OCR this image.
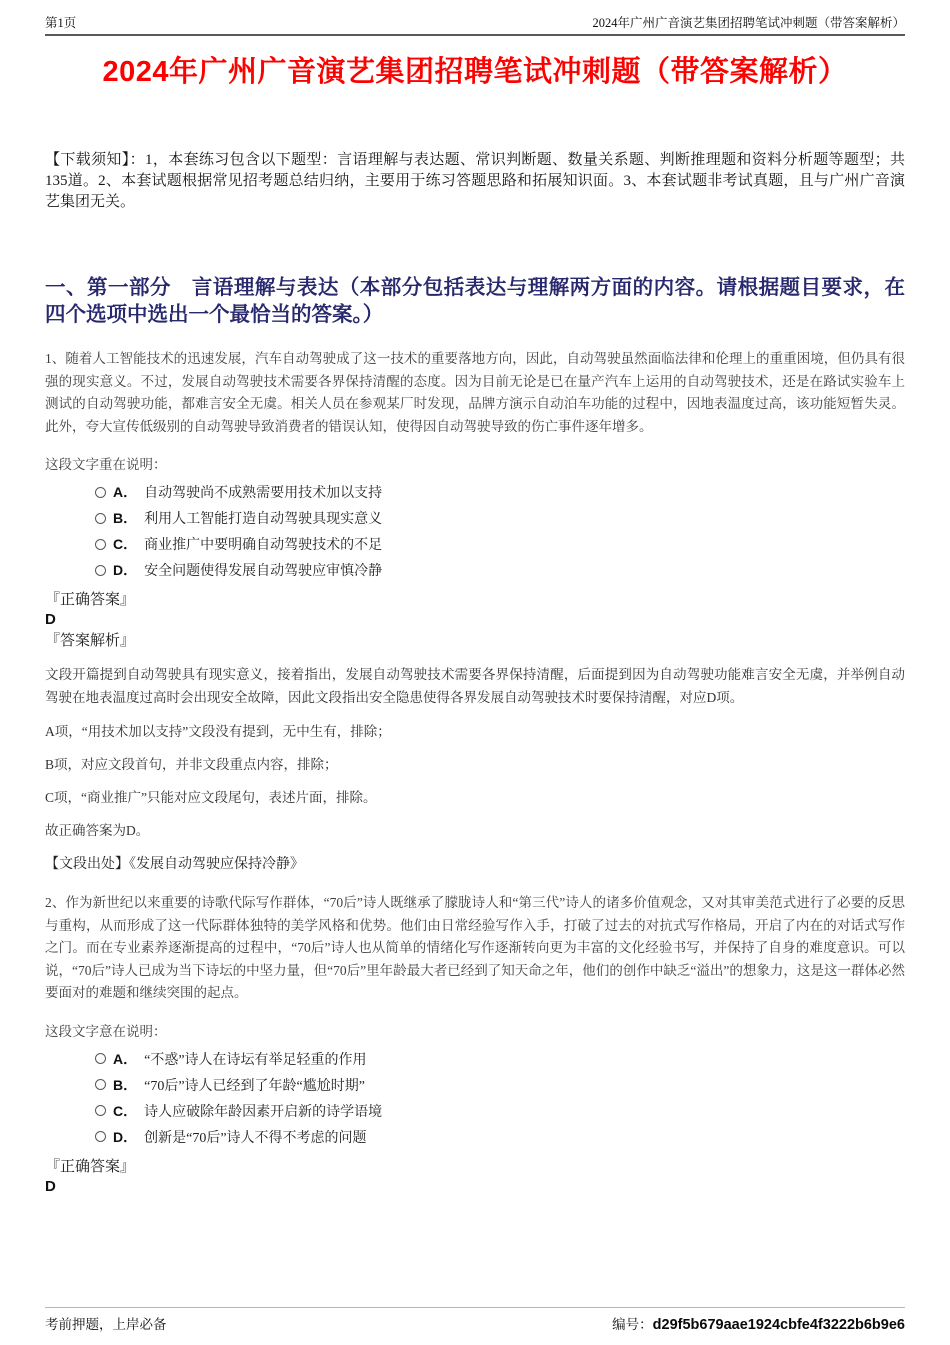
第1页	2024年广州广音演艺集团招聘笔试冲刺题（带答案解析）
2024年广州广音演艺集团招聘笔试冲刺题（带答案解析）
【下载须知】：1，本套练习包含以下题型：言语理解与表达题、常识判断题、数量关系题、判断推理题和资料分析题等题型；共135道。2、本套试题根据常见招考题总结归纳，主要用于练习答题思路和拓展知识面。3、本套试题非考试真题，且与广州广音演艺集团无关。
一、第一部分　言语理解与表达（本部分包括表达与理解两方面的内容。请根据题目要求，在四个选项中选出一个最恰当的答案。）
1、随着人工智能技术的迅速发展，汽车自动驾驶成了这一技术的重要落地方向，因此，自动驾驶虽然面临法律和伦理上的重重困境，但仍具有很强的现实意义。不过，发展自动驾驶技术需要各界保持清醒的态度。因为目前无论是已在量产汽车上运用的自动驾驶技术，还是在路试实验车上测试的自动驾驶功能，都难言安全无虞。相关人员在参观某厂时发现，品牌方演示自动泊车功能的过程中，因地表温度过高，该功能短暂失灵。此外，夸大宣传低级别的自动驾驶导致消费者的错误认知，使得因自动驾驶导致的伤亡事件逐年增多。
这段文字重在说明：
A． 自动驾驶尚不成熟需要用技术加以支持
B． 利用人工智能打造自动驾驶具现实意义
C． 商业推广中要明确自动驾驶技术的不足
D． 安全问题使得发展自动驾驶应审慎冷静
『正确答案』
D
『答案解析』
文段开篇提到自动驾驶具有现实意义，接着指出，发展自动驾驶技术需要各界保持清醒，后面提到因为自动驾驶功能难言安全无虞，并举例自动驾驶在地表温度过高时会出现安全故障，因此文段指出安全隐患使得各界发展自动驾驶技术时要保持清醒，对应D项。
A项，“用技术加以支持”文段没有提到，无中生有，排除；
B项，对应文段首句，并非文段重点内容，排除；
C项，“商业推广”只能对应文段尾句，表述片面，排除。
故正确答案为D。
【文段出处】《发展自动驾驶应保持冷静》
2、作为新世纪以来重要的诗歌代际写作群体，“70后”诗人既继承了朦胧诗人和“第三代”诗人的诸多价值观念，又对其审美范式进行了必要的反思与重构，从而形成了这一代际群体独特的美学风格和优势。他们由日常经验写作入手，打破了过去的对抗式写作格局，开启了内在的对话式写作之门。而在专业素养逐渐提高的过程中，“70后”诗人也从简单的情绪化写作逐渐转向更为丰富的文化经验书写，并保持了自身的难度意识。可以说，“70后”诗人已成为当下诗坛的中坚力量，但“70后”里年龄最大者已经到了知天命之年，他们的创作中缺乏“溢出”的想象力，这是这一群体必然要面对的难题和继续突围的起点。
这段文字意在说明：
A． “不惑”诗人在诗坛有举足轻重的作用
B． “70后”诗人已经到了年龄“尴尬时期”
C． 诗人应破除年龄因素开启新的诗学语境
D． 创新是“70后”诗人不得不考虑的问题
『正确答案』
D
考前押题，上岸必备	编号：d29f5b679aae1924cbfe4f3222b6b9e6
